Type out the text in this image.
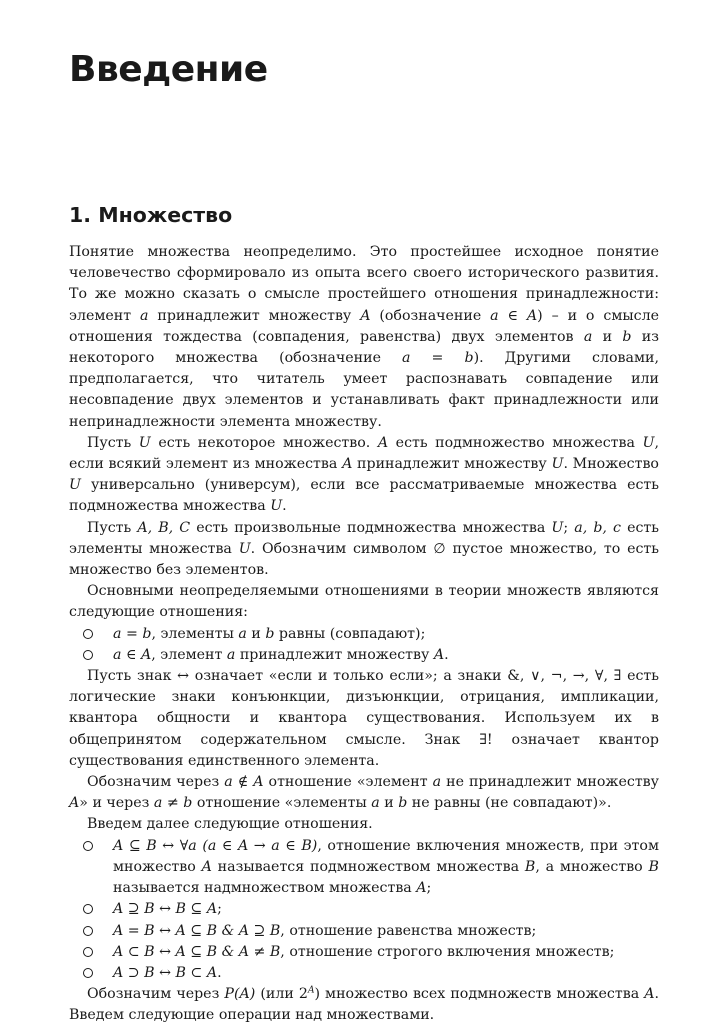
Введение
1. Множество

Понятие множества неопределимо. Это простейшее исходное понятие человечество сформировало из опыта всего своего исторического развития. То же можно сказать о смысле простейшего отношения принадлежности: элемент a принадлежит множеству A (обозначение a ∈ A) – и о смысле отношения тождества (совпадения, равенства) двух элементов a и b из некоторого множества (обозначение a = b). Другими словами, предполагается, что читатель умеет распознавать совпадение или несовпадение двух элементов и устанавливать факт принадлежности или непринадлежности элемента множеству.

Пусть U есть некоторое множество. A есть подмножество множества U, если всякий элемент из множества A принадлежит множеству U. Множество U универсально (универсум), если все рассматриваемые множества есть подмножества множества U.

Пусть A, B, C есть произвольные подмножества множества U; a, b, c есть элементы множества U. Обозначим символом ∅ пустое множество, то есть множество без элементов.

Основными неопределяемыми отношениями в теории множеств являются следующие отношения:

a = b, элементы a и b равны (совпадают);
a ∈ A, элемент a принадлежит множеству A.

Пусть знак ↔ означает «если и только если»; а знаки &, ∨, ¬, →, ∀, ∃ есть логические знаки конъюнкции, дизъюнкции, отрицания, импликации, квантора общности и квантора существования. Используем их в общепринятом содержательном смысле. Знак ∃! означает квантор существования единственного элемента.

Обозначим через a ∉ A отношение «элемент a не принадлежит множеству A» и через a ≠ b отношение «элементы a и b не равны (не совпадают)».

Введем далее следующие отношения.

A ⊆ B ↔ ∀a (a ∈ A → a ∈ B), отношение включения множеств, при этом множество A называется подмножеством множества B, а множество B называется надмножеством множества A;
A ⊇ B ↔ B ⊆ A;
A = B ↔ A ⊆ B & A ⊇ B, отношение равенства множеств;
A ⊂ B ↔ A ⊆ B & A ≠ B, отношение строгого включения множеств;
A ⊃ B ↔ B ⊂ A.

Обозначим через P(A) (или $2^A$) множество всех подмножеств множества A. Введем следующие операции над множествами.
